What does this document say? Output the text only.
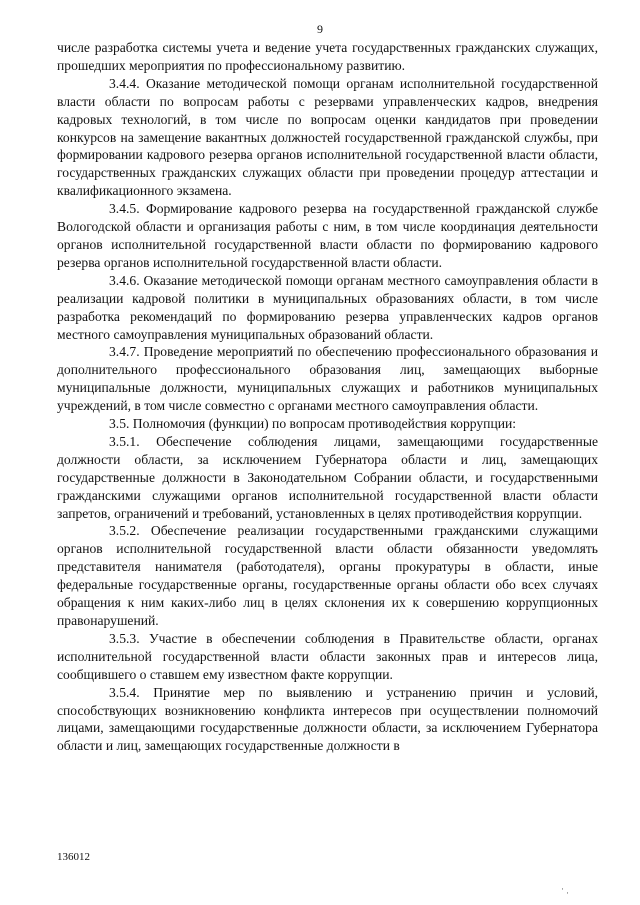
9

числе разработка системы учета и ведение учета государственных гражданских служащих, прошедших мероприятия по профессиональному развитию.

3.4.4. Оказание методической помощи органам исполнительной государственной власти области по вопросам работы с резервами управленческих кадров, внедрения кадровых технологий, в том числе по вопросам оценки кандидатов при проведении конкурсов на замещение вакантных должностей государственной гражданской службы, при формировании кадрового резерва органов исполнительной государственной власти области, государственных гражданских служащих области при проведении процедур аттестации и квалификационного экзамена.

3.4.5. Формирование кадрового резерва на государственной гражданской службе Вологодской области и организация работы с ним, в том числе координация деятельности органов исполнительной государственной власти области по формированию кадрового резерва органов исполнительной государственной власти области.

3.4.6. Оказание методической помощи органам местного самоуправления области в реализации кадровой политики в муниципальных образованиях области, в том числе разработка рекомендаций по формированию резерва управленческих кадров органов местного самоуправления муниципальных образований области.

3.4.7. Проведение мероприятий по обеспечению профессионального образования и дополнительного профессионального образования лиц, замещающих выборные муниципальные должности, муниципальных служащих и работников муниципальных учреждений, в том числе совместно с органами местного самоуправления области.

3.5. Полномочия (функции) по вопросам противодействия коррупции:

3.5.1. Обеспечение соблюдения лицами, замещающими государственные должности области, за исключением Губернатора области и лиц, замещающих государственные должности в Законодательном Собрании области, и государственными гражданскими служащими органов исполнительной государственной власти области запретов, ограничений и требований, установленных в целях противодействия коррупции.

3.5.2. Обеспечение реализации государственными гражданскими служащими органов исполнительной государственной власти области обязанности уведомлять представителя нанимателя (работодателя), органы прокуратуры в области, иные федеральные государственные органы, государственные органы области обо всех случаях обращения к ним каких-либо лиц в целях склонения их к совершению коррупционных правонарушений.

3.5.3. Участие в обеспечении соблюдения в Правительстве области, органах исполнительной государственной власти области законных прав и интересов лица, сообщившего о ставшем ему известном факте коррупции.

3.5.4. Принятие мер по выявлению и устранению причин и условий, способствующих возникновению конфликта интересов при осуществлении полномочий лицами, замещающими государственные должности области, за исключением Губернатора области и лиц, замещающих государственные должности в

136012
· ·
